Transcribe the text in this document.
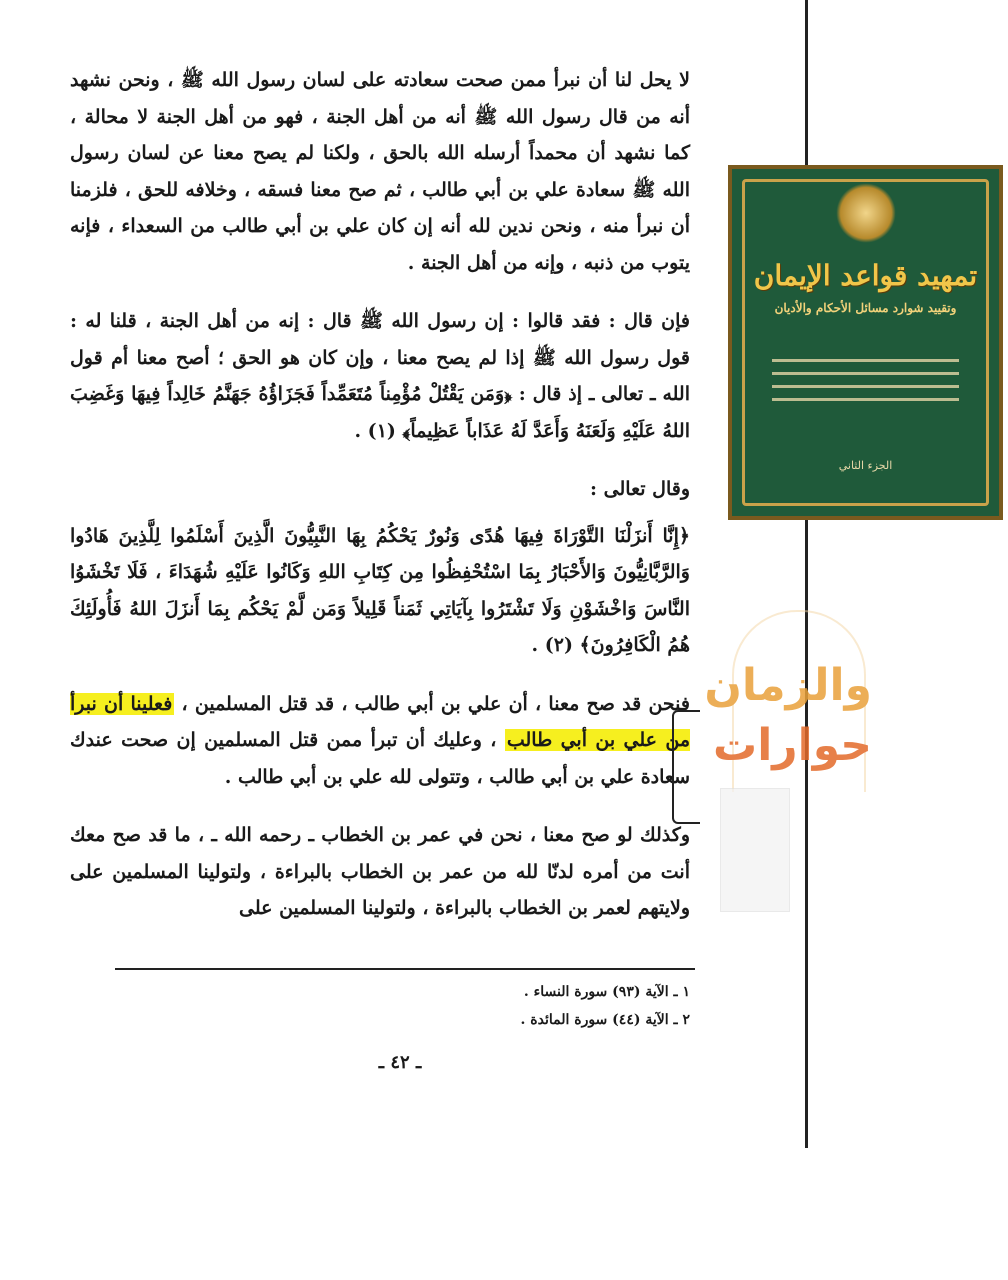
لا يحل لنا أن نبرأ ممن صحت سعادته على لسان رسول الله ﷺ ، ونحن نشهد أنه من قال رسول الله ﷺ أنه من أهل الجنة ، فهو من أهل الجنة لا محالة ، كما نشهد أن محمداً أرسله الله بالحق ، ولكنا لم يصح معنا عن لسان رسول الله ﷺ سعادة علي بن أبي طالب ، ثم صح معنا فسقه ، وخلافه للحق ، فلزمنا أن نبرأ منه ، ونحن ندين لله أنه إن كان علي بن أبي طالب من السعداء ، فإنه يتوب من ذنبه ، وإنه من أهل الجنة .

فإن قال : فقد قالوا : إن رسول الله ﷺ قال : إنه من أهل الجنة ، قلنا له : قول رسول الله ﷺ إذا لم يصح معنا ، وإن كان هو الحق ؛ أصح معنا أم قول الله ـ تعالى ـ إذ قال : ﴿وَمَن يَقْتُلْ مُؤْمِناً مُتَعَمِّداً فَجَزَاؤُهُ جَهَنَّمُ خَالِداً فِيهَا وَغَضِبَ اللهُ عَلَيْهِ وَلَعَنَهُ وَأَعَدَّ لَهُ عَذَاباً عَظِيماً﴾ (١) .

وقال تعالى :

﴿إِنَّا أَنزَلْنَا التَّوْرَاةَ فِيهَا هُدًى وَنُورٌ يَحْكُمُ بِهَا النَّبِيُّونَ الَّذِينَ أَسْلَمُوا لِلَّذِينَ هَادُوا وَالرَّبَّانِيُّونَ وَالأَحْبَارُ بِمَا اسْتُحْفِظُوا مِن كِتَابِ اللهِ وَكَانُوا عَلَيْهِ شُهَدَاءَ ، فَلَا تَخْشَوُا النَّاسَ وَاخْشَوْنِ وَلَا تَشْتَرُوا بِآيَاتِي ثَمَناً قَلِيلاً وَمَن لَّمْ يَحْكُم بِمَا أَنزَلَ اللهُ فَأُولَئِكَ هُمُ الْكَافِرُونَ﴾ (٢) .

فنحن قد صح معنا ، أن علي بن أبي طالب ، قد قتل المسلمين ، فعلينا أن نبرأ من علي بن أبي طالب ، وعليك أن تبرأ ممن قتل المسلمين إن صحت عندك سعادة علي بن أبي طالب ، وتتولى لله علي بن أبي طالب .

وكذلك لو صح معنا ، نحن في عمر بن الخطاب ـ رحمه الله ـ ، ما قد صح معك أنت من أمره لدنّا لله من عمر بن الخطاب بالبراءة ، ولتولينا المسلمين على ولايتهم لعمر بن الخطاب بالبراءة ، ولتولينا المسلمين على

١ ـ الآية (٩٣) سورة النساء .
٢ ـ الآية (٤٤) سورة المائدة .
ـ ٤٢ ـ
تمهيد قواعد الإيمان
وتقييد شوارد مسائل الأحكام والأديان
الجزء الثاني
والزمان
حوارات
